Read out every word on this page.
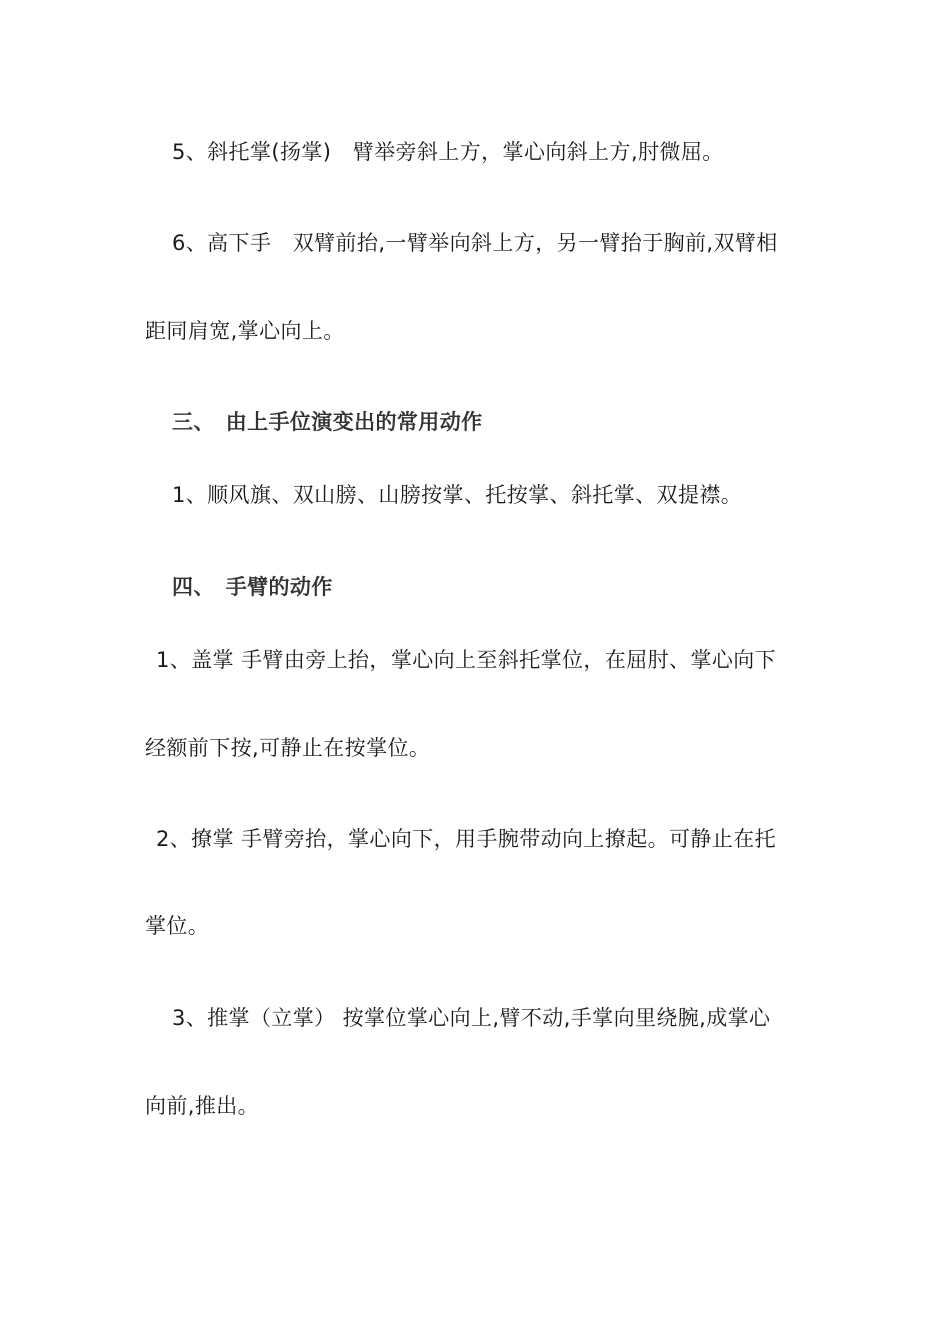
5、斜托掌(扬掌)　臂举旁斜上方，掌心向斜上方,肘微屈。
6、高下手　双臂前抬,一臂举向斜上方，另一臂抬于胸前,双臂相
距同肩宽,掌心向上。
三、　由上手位演变出的常用动作
1、顺风旗、双山膀、山膀按掌、托按掌、斜托掌、双提襟。
四、　手臂的动作
1、盖掌 手臂由旁上抬，掌心向上至斜托掌位，在屈肘、掌心向下
经额前下按,可静止在按掌位。
2、撩掌 手臂旁抬，掌心向下，用手腕带动向上撩起。可静止在托
掌位。
3、推掌（立掌） 按掌位掌心向上,臂不动,手掌向里绕腕,成掌心
向前,推出。
